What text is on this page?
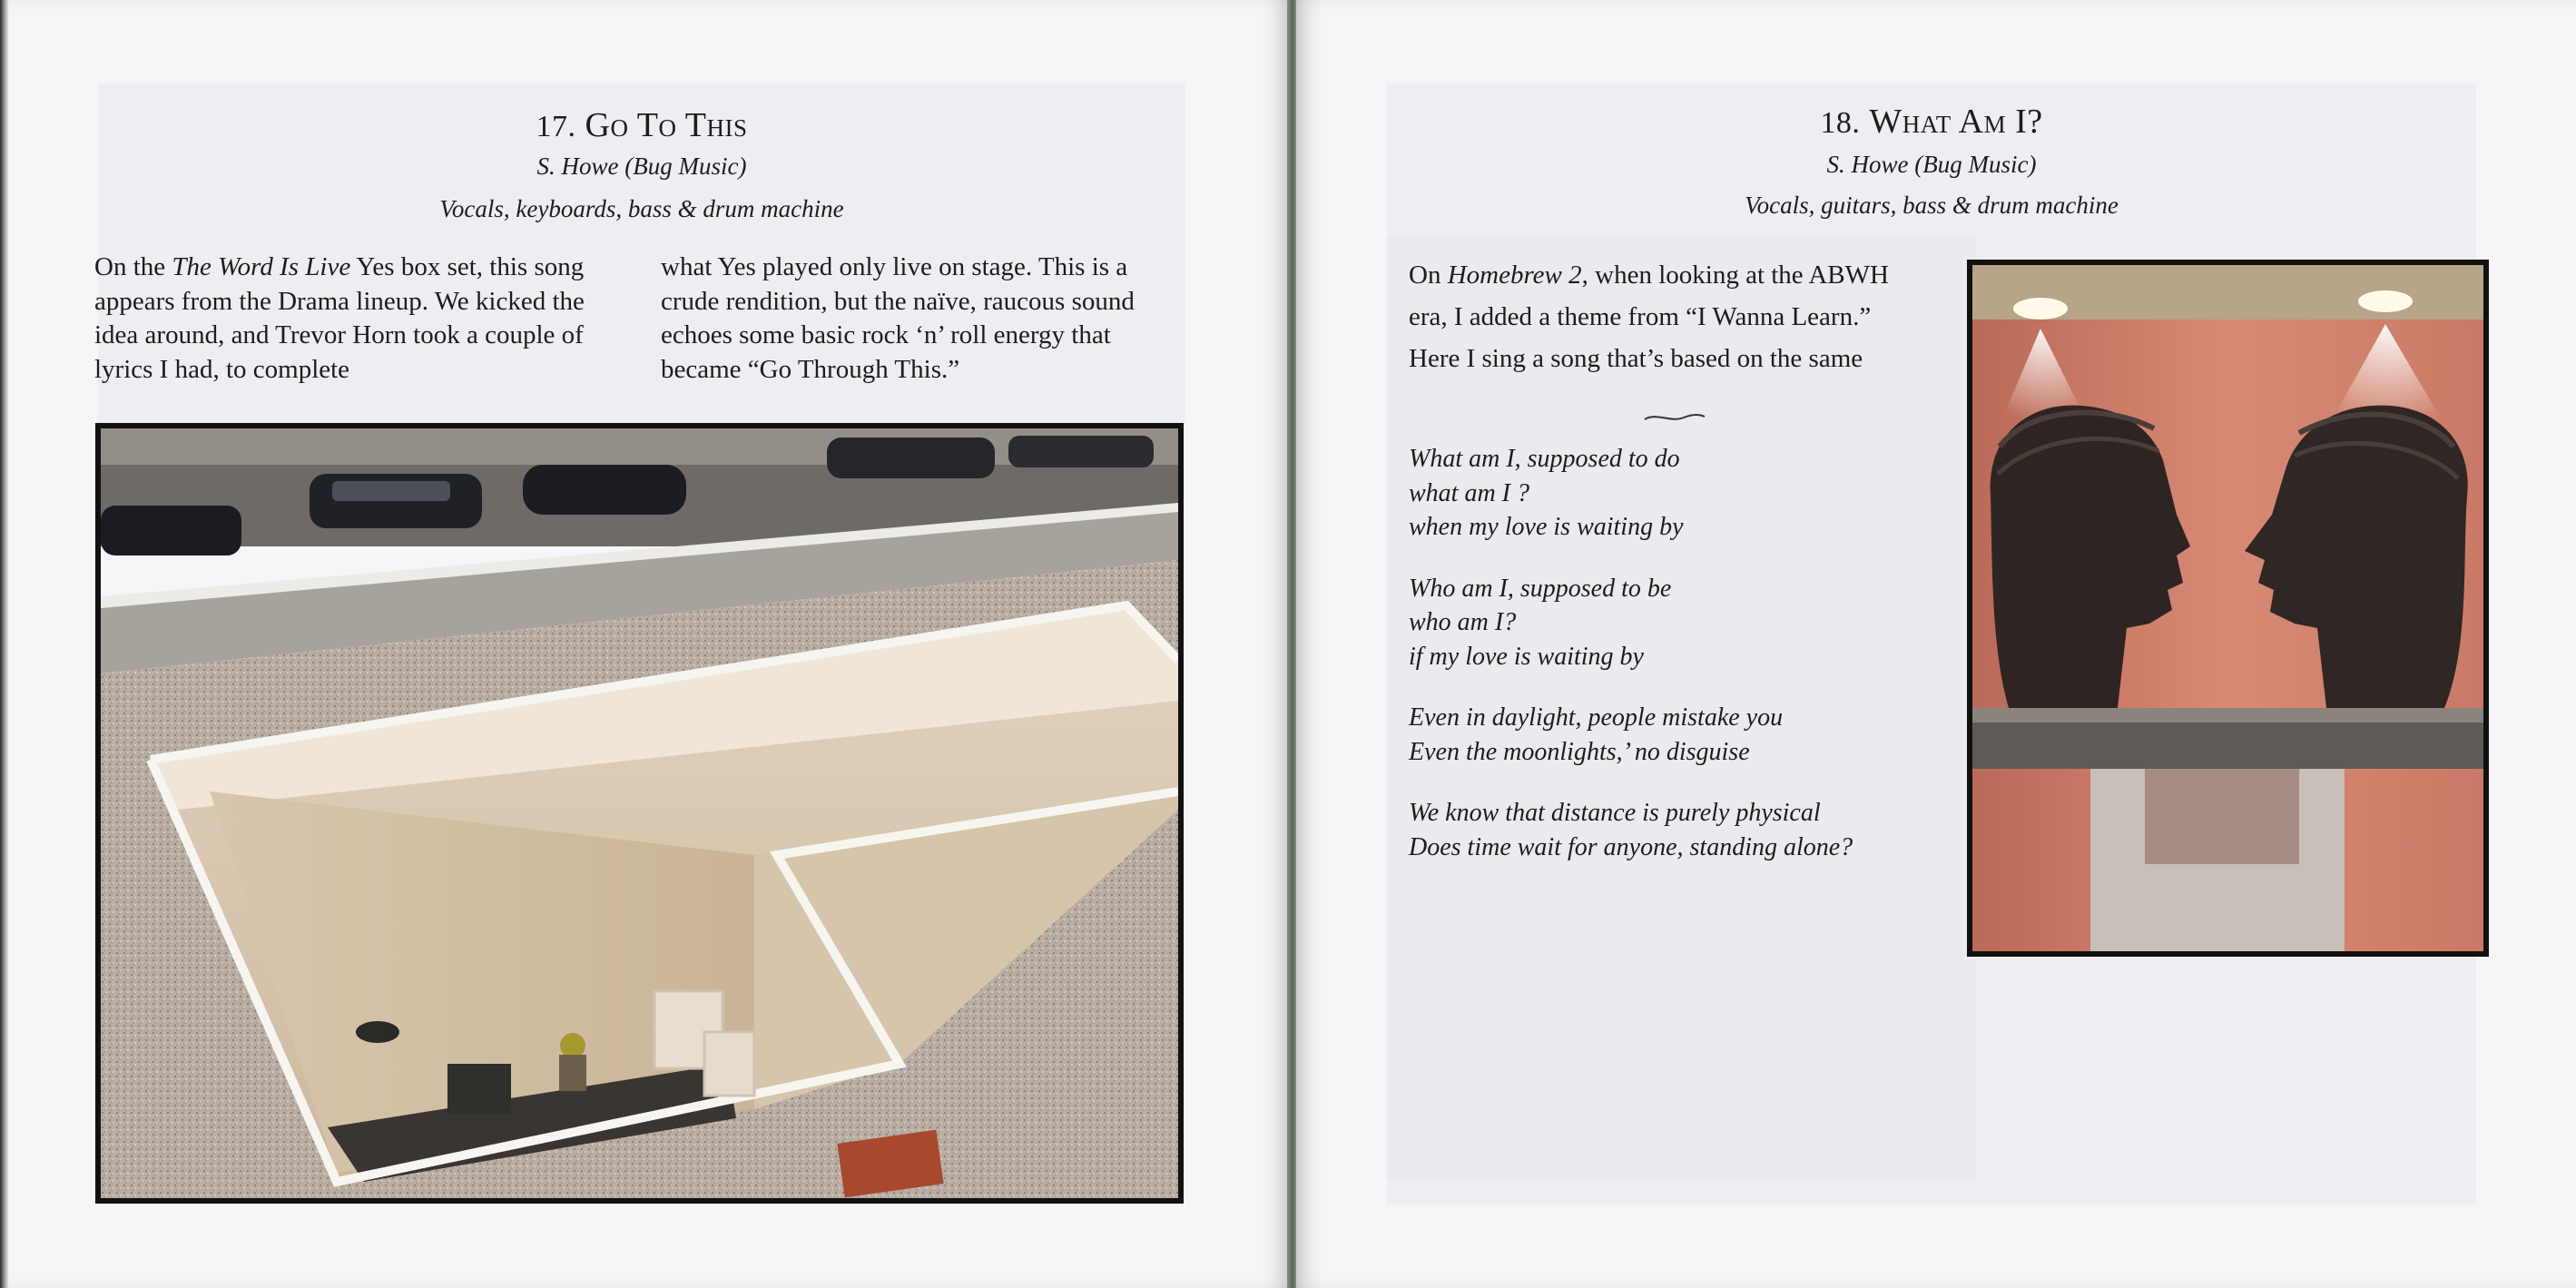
17. Go To This
S. Howe (Bug Music)
Vocals, keyboards, bass & drum machine
On the The Word Is Live Yes box set, this song appears from the Drama lineup. We kicked the idea around, and Trevor Horn took a couple of lyrics I had, to complete
what Yes played only live on stage. This is a crude rendition, but the naïve, raucous sound echoes some basic rock ‘n’ roll energy that became “Go Through This.”
18. What Am I?
S. Howe (Bug Music)
Vocals, guitars, bass & drum machine
On Homebrew 2, when looking at the ABWH era, I added a theme from “I Wanna Learn.” Here I sing a song that’s based on the same
What am I, supposed to do
what am I ?
when my love is waiting by
Who am I, supposed to be
who am I?
if my love is waiting by
Even in daylight, people mistake you
Even the moonlights,’ no disguise
We know that distance is purely physical
Does time wait for anyone, standing alone?
